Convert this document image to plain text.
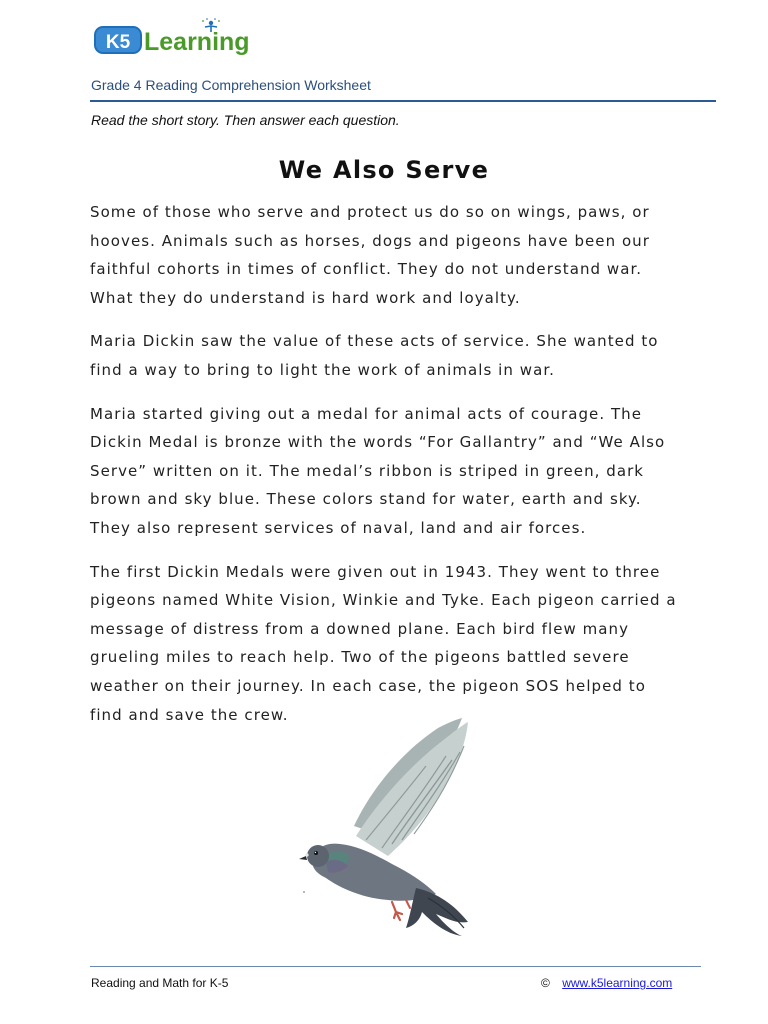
K5 Learning
Grade 4 Reading Comprehension Worksheet
Read the short story. Then answer each question.
We Also Serve

Some of those who serve and protect us do so on wings, paws, or hooves. Animals such as horses, dogs and pigeons have been our faithful cohorts in times of conflict. They do not understand war. What they do understand is hard work and loyalty.

Maria Dickin saw the value of these acts of service. She wanted to find a way to bring to light the work of animals in war.

Maria started giving out a medal for animal acts of courage. The Dickin Medal is bronze with the words “For Gallantry” and “We Also Serve” written on it. The medal’s ribbon is striped in green, dark brown and sky blue. These colors stand for water, earth and sky. They also represent services of naval, land and air forces.

The first Dickin Medals were given out in 1943. They went to three pigeons named White Vision, Winkie and Tyke. Each pigeon carried a message of distress from a downed plane. Each bird flew many grueling miles to reach help. Two of the pigeons battled severe weather on their journey. In each case, the pigeon SOS helped to find and save the crew.

Reading and Math for K-5	© www.k5learning.com
